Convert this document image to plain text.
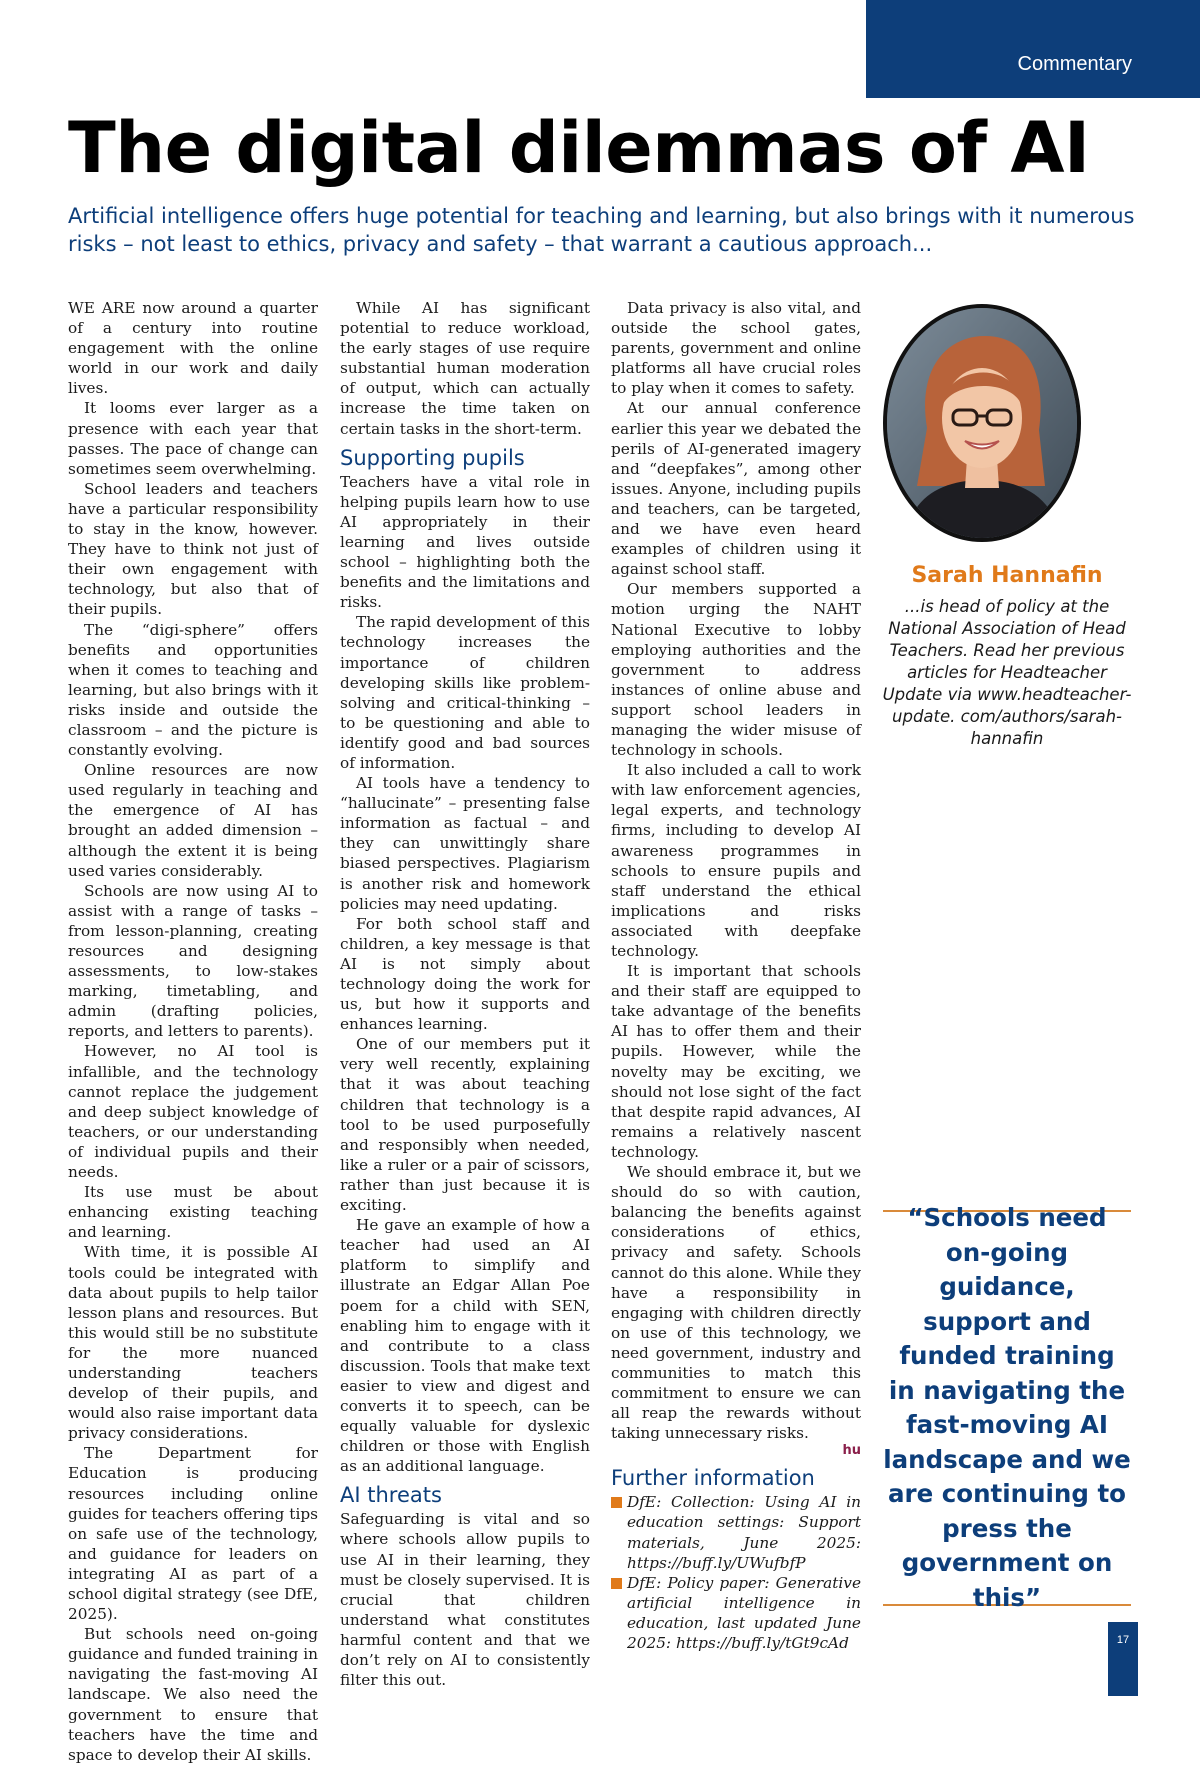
Commentary
The digital dilemmas of AI

Artificial intelligence offers huge potential for teaching and learning, but also brings with it numerous risks – not least to ethics, privacy and safety – that warrant a cautious approach...

WE ARE now around a quarter of a century into routine engagement with the online world in our work and daily lives.

It looms ever larger as a presence with each year that passes. The pace of change can sometimes seem overwhelming.

School leaders and teachers have a particular responsibility to stay in the know, however. They have to think not just of their own engagement with technology, but also that of their pupils.

The “digi-sphere” offers benefits and opportunities when it comes to teaching and learning, but also brings with it risks inside and outside the classroom – and the picture is constantly evolving.

Online resources are now used regularly in teaching and the emergence of AI has brought an added dimension – although the extent it is being used varies considerably.

Schools are now using AI to assist with a range of tasks – from lesson-planning, creating resources and designing assessments, to low-stakes marking, timetabling, and admin (drafting policies, reports, and letters to parents).

However, no AI tool is infallible, and the technology cannot replace the judgement and deep subject knowledge of teachers, or our understanding of individual pupils and their needs.

Its use must be about enhancing existing teaching and learning.

With time, it is possible AI tools could be integrated with data about pupils to help tailor lesson plans and resources. But this would still be no substitute for the more nuanced understanding teachers develop of their pupils, and would also raise important data privacy considerations.

The Department for Education is producing resources including online guides for teachers offering tips on safe use of the technology, and guidance for leaders on integrating AI as part of a school digital strategy (see DfE, 2025).

But schools need on-going guidance and funded training in navigating the fast-moving AI landscape. We also need the government to ensure that teachers have the time and space to develop their AI skills.

While AI has significant potential to reduce workload, the early stages of use require substantial human moderation of output, which can actually increase the time taken on certain tasks in the short-term.

Supporting pupils

Teachers have a vital role in helping pupils learn how to use AI appropriately in their learning and lives outside school – highlighting both the benefits and the limitations and risks.

The rapid development of this technology increases the importance of children developing skills like problem-solving and critical-thinking – to be questioning and able to identify good and bad sources of information.

AI tools have a tendency to “hallucinate” – presenting false information as factual – and they can unwittingly share biased perspectives. Plagiarism is another risk and homework policies may need updating.

For both school staff and children, a key message is that AI is not simply about technology doing the work for us, but how it supports and enhances learning.

One of our members put it very well recently, explaining that it was about teaching children that technology is a tool to be used purposefully and responsibly when needed, like a ruler or a pair of scissors, rather than just because it is exciting.

He gave an example of how a teacher had used an AI platform to simplify and illustrate an Edgar Allan Poe poem for a child with SEN, enabling him to engage with it and contribute to a class discussion. Tools that make text easier to view and digest and converts it to speech, can be equally valuable for dyslexic children or those with English as an additional language.

AI threats

Safeguarding is vital and so where schools allow pupils to use AI in their learning, they must be closely supervised. It is crucial that children understand what constitutes harmful content and that we don’t rely on AI to consistently filter this out.

Data privacy is also vital, and outside the school gates, parents, government and online platforms all have crucial roles to play when it comes to safety.

At our annual conference earlier this year we debated the perils of AI-generated imagery and “deepfakes”, among other issues. Anyone, including pupils and teachers, can be targeted, and we have even heard examples of children using it against school staff.

Our members supported a motion urging the NAHT National Executive to lobby employing authorities and the government to address instances of online abuse and support school leaders in managing the wider misuse of technology in schools.

It also included a call to work with law enforcement agencies, legal experts, and technology firms, including to develop AI awareness programmes in schools to ensure pupils and staff understand the ethical implications and risks associated with deepfake technology.

It is important that schools and their staff are equipped to take advantage of the benefits AI has to offer them and their pupils. However, while the novelty may be exciting, we should not lose sight of the fact that despite rapid advances, AI remains a relatively nascent technology.

We should embrace it, but we should do so with caution, balancing the benefits against considerations of ethics, privacy and safety. Schools cannot do this alone. While they have a responsibility in engaging with children directly on use of this technology, we need government, industry and communities to match this commitment to ensure we can all reap the rewards without taking unnecessary risks.

hu
Further information
DfE: Collection: Using AI in education settings: Support materials, June 2025: https://buff.ly/UWufbfP
DfE: Policy paper: Generative artificial intelligence in education, last updated June 2025: https://buff.ly/tGt9cAd
Sarah Hannafin
...is head of policy at the National Association of Head Teachers. Read her previous articles for Headteacher Update via www.headteacher-update. com/authors/sarah-hannafin

“Schools need on-going guidance, support and funded training in navigating the fast-moving AI landscape and we are continuing to press the government on this”

17
